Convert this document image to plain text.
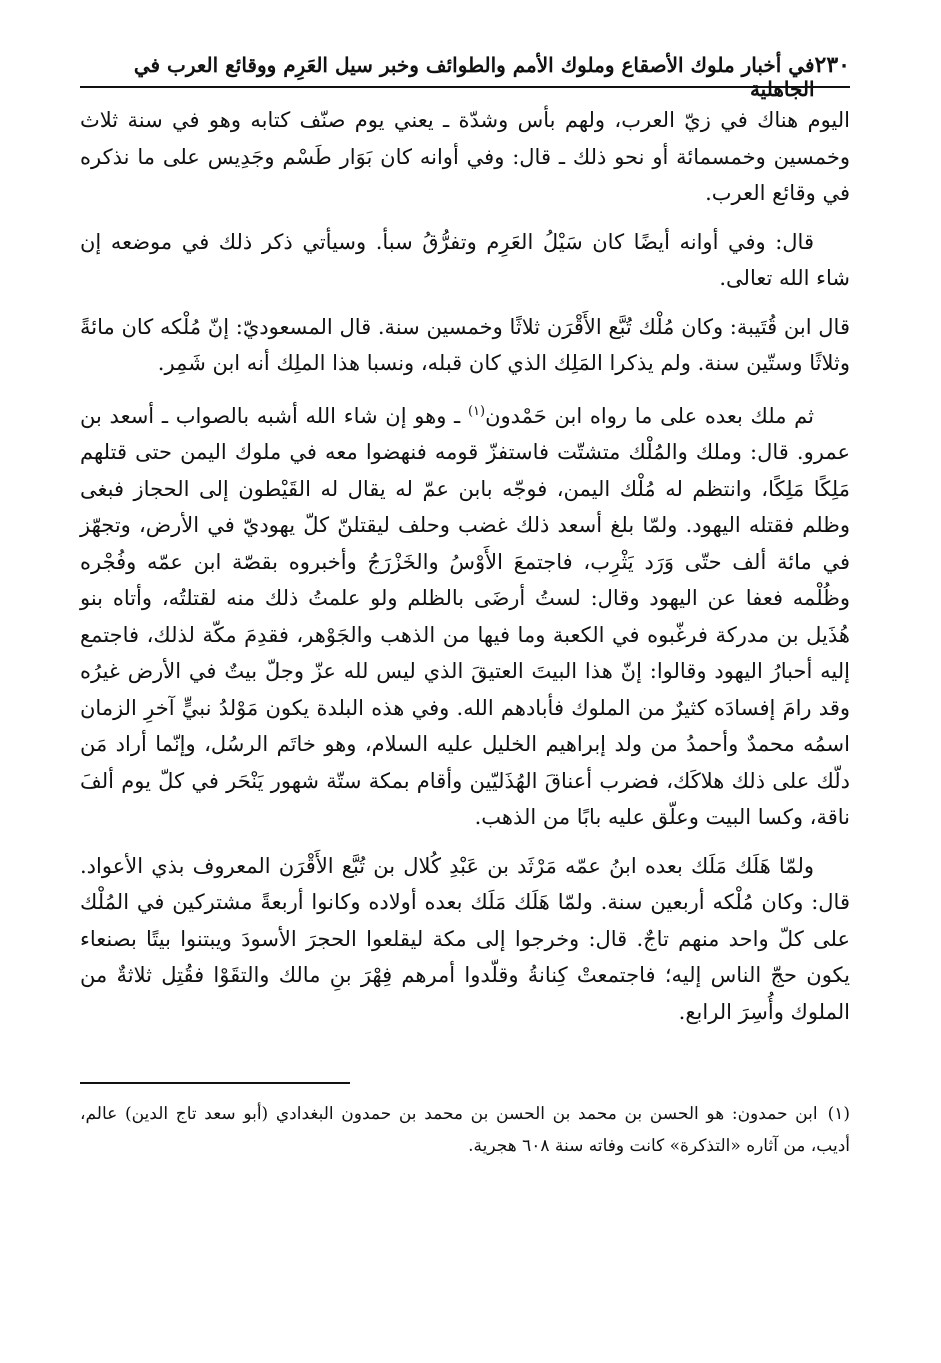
٢٣٠
في أخبار ملوك الأصقاع وملوك الأمم والطوائف وخبر سيل العَرِم ووقائع العرب في الجاهلية

اليوم هناك في زيّ العرب، ولهم بأس وشدّة ـ يعني يوم صنّف كتابه وهو في سنة ثلاث وخمسين وخمسمائة أو نحو ذلك ـ قال: وفي أوانه كان بَوَار طَسْم وجَدِيس على ما نذكره في وقائع العرب.

قال: وفي أوانه أيضًا كان سَيْلُ العَرِم وتفرُّقُ سبأ. وسيأتي ذكر ذلك في موضعه إن شاء الله تعالى.

قال ابن قُتَيبة: وكان مُلْك تُبَّع الأَقْرَن ثلاثًا وخمسين سنة. قال المسعوديّ: إنّ مُلْكه كان مائةً وثلاثًا وستّين سنة. ولم يذكرا المَلِك الذي كان قبله، ونسبا هذا الملِك أنه ابن شَمِر.

ثم ملك بعده على ما رواه ابن حَمْدون$^{(١)}$ ـ وهو إن شاء الله أشبه بالصواب ـ أسعد بن عمرو. قال: وملك والمُلْك متشتّت فاستفزّ قومه فنهضوا معه في ملوك اليمن حتى قتلهم مَلِكًا مَلِكًا، وانتظم له مُلْك اليمن، فوجّه بابن عمّ له يقال له القَيْطون إلى الحجاز فبغى وظلم فقتله اليهود. ولمّا بلغ أسعد ذلك غضب وحلف ليقتلنّ كلّ يهوديّ في الأرض، وتجهّز في مائة ألف حتّى وَرَد يَثْرِب، فاجتمعَ الأَوْسُ والخَزْرَجُ وأخبروه بقصّة ابن عمّه وفُجْره وظُلْمه فعفا عن اليهود وقال: لستُ أرضَى بالظلم ولو علمتُ ذلك منه لقتلتُه، وأتاه بنو هُذَيل بن مدركة فرغّبوه في الكعبة وما فيها من الذهب والجَوْهر، فقدِمَ مكّة لذلك، فاجتمع إليه أحبارُ اليهود وقالوا: إنّ هذا البيتَ العتيقَ الذي ليس لله عزّ وجلّ بيتٌ في الأرض غيرُه وقد رامَ إفسادَه كثيرٌ من الملوك فأبادهم الله. وفي هذه البلدة يكون مَوْلدُ نبيٍّ آخرِ الزمان اسمُه محمدٌ وأحمدُ من ولد إبراهيم الخليل عليه السلام، وهو خاتَم الرسُل، وإنّما أراد مَن دلّك على ذلك هلاكَك، فضرب أعناقَ الهُذَليّين وأقام بمكة ستّة شهور يَنْحَر في كلّ يوم ألفَ ناقة، وكسا البيت وعلّق عليه بابًا من الذهب.

ولمّا هَلَك مَلَك بعده ابنُ عمّه مَرْثَد بن عَبْدِ كُلال بن تُبَّع الأَقْرَن المعروف بذي الأعواد. قال: وكان مُلْكه أربعين سنة. ولمّا هَلَك مَلَك بعده أولاده وكانوا أربعةً مشتركين في المُلْك على كلّ واحد منهم تاجٌ. قال: وخرجوا إلى مكة ليقلعوا الحجرَ الأسودَ ويبتنوا بيتًا بصنعاء يكون حجّ الناس إليه؛ فاجتمعتْ كِنانةُ وقلّدوا أمرهم فِهْرَ بنِ مالك والتقَوْا فقُتِل ثلاثةٌ من الملوك وأُسِرَ الرابع.

(١)ابن حمدون: هو الحسن بن محمد بن الحسن بن محمد بن حمدون البغدادي (أبو سعد تاج الدين) عالم، أديب، من آثاره «التذكرة» كانت وفاته سنة ٦٠٨ هجرية.
